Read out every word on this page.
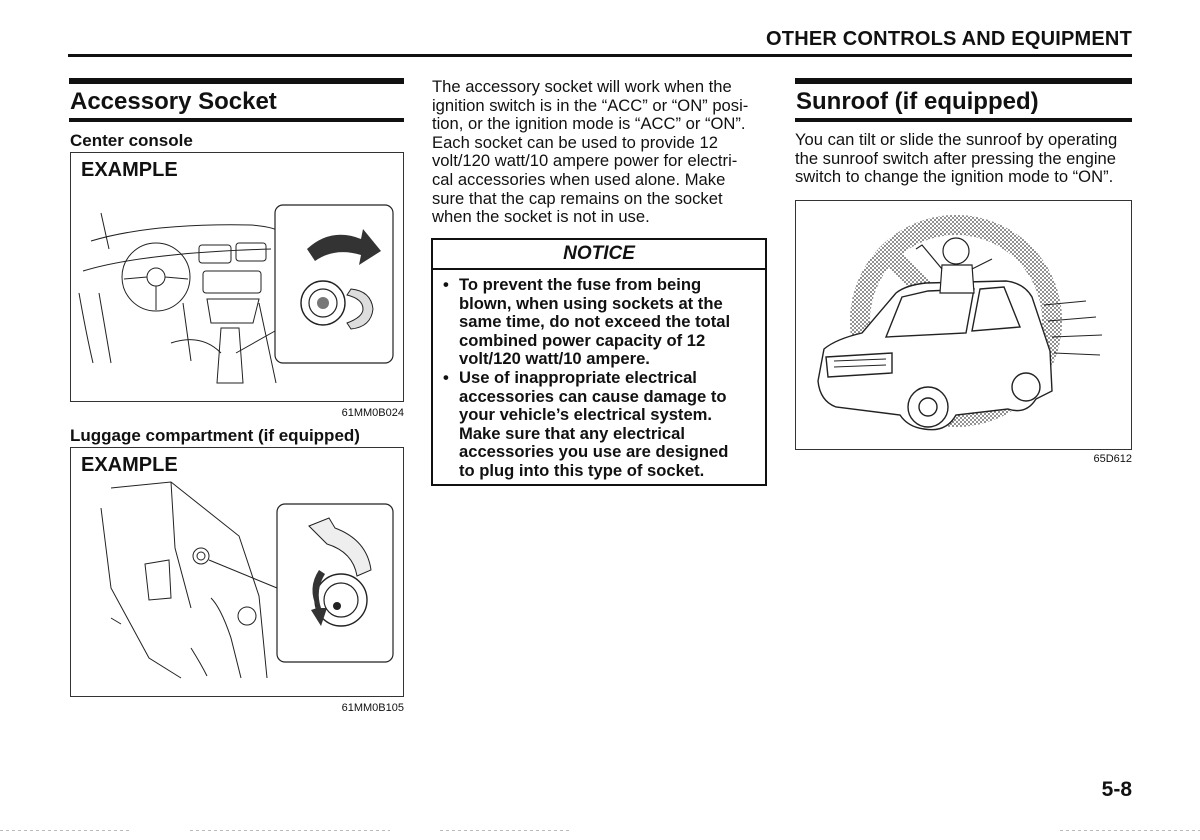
OTHER CONTROLS AND EQUIPMENT
Accessory Socket
Center console
EXAMPLE
61MM0B024
Luggage compartment (if equipped)
EXAMPLE
61MM0B105
The accessory socket will work when the
ignition switch is in the “ACC” or “ON” posi-
tion, or the ignition mode is “ACC” or “ON”.
Each socket can be used to provide 12
volt/120 watt/10 ampere power for electri-
cal accessories when used alone. Make
sure that the cap remains on the socket
when the socket is not in use.
NOTICE
• To prevent the fuse from being
blown, when using sockets at the
same time, do not exceed the total
combined power capacity of 12
volt/120 watt/10 ampere.
• Use of inappropriate electrical
accessories can cause damage to
your vehicle’s electrical system.
Make sure that any electrical
accessories you use are designed
to plug into this type of socket.
Sunroof (if equipped)
You can tilt or slide the sunroof by operating
the sunroof switch after pressing the engine
switch to change the ignition mode to “ON”.
65D612
5-8
